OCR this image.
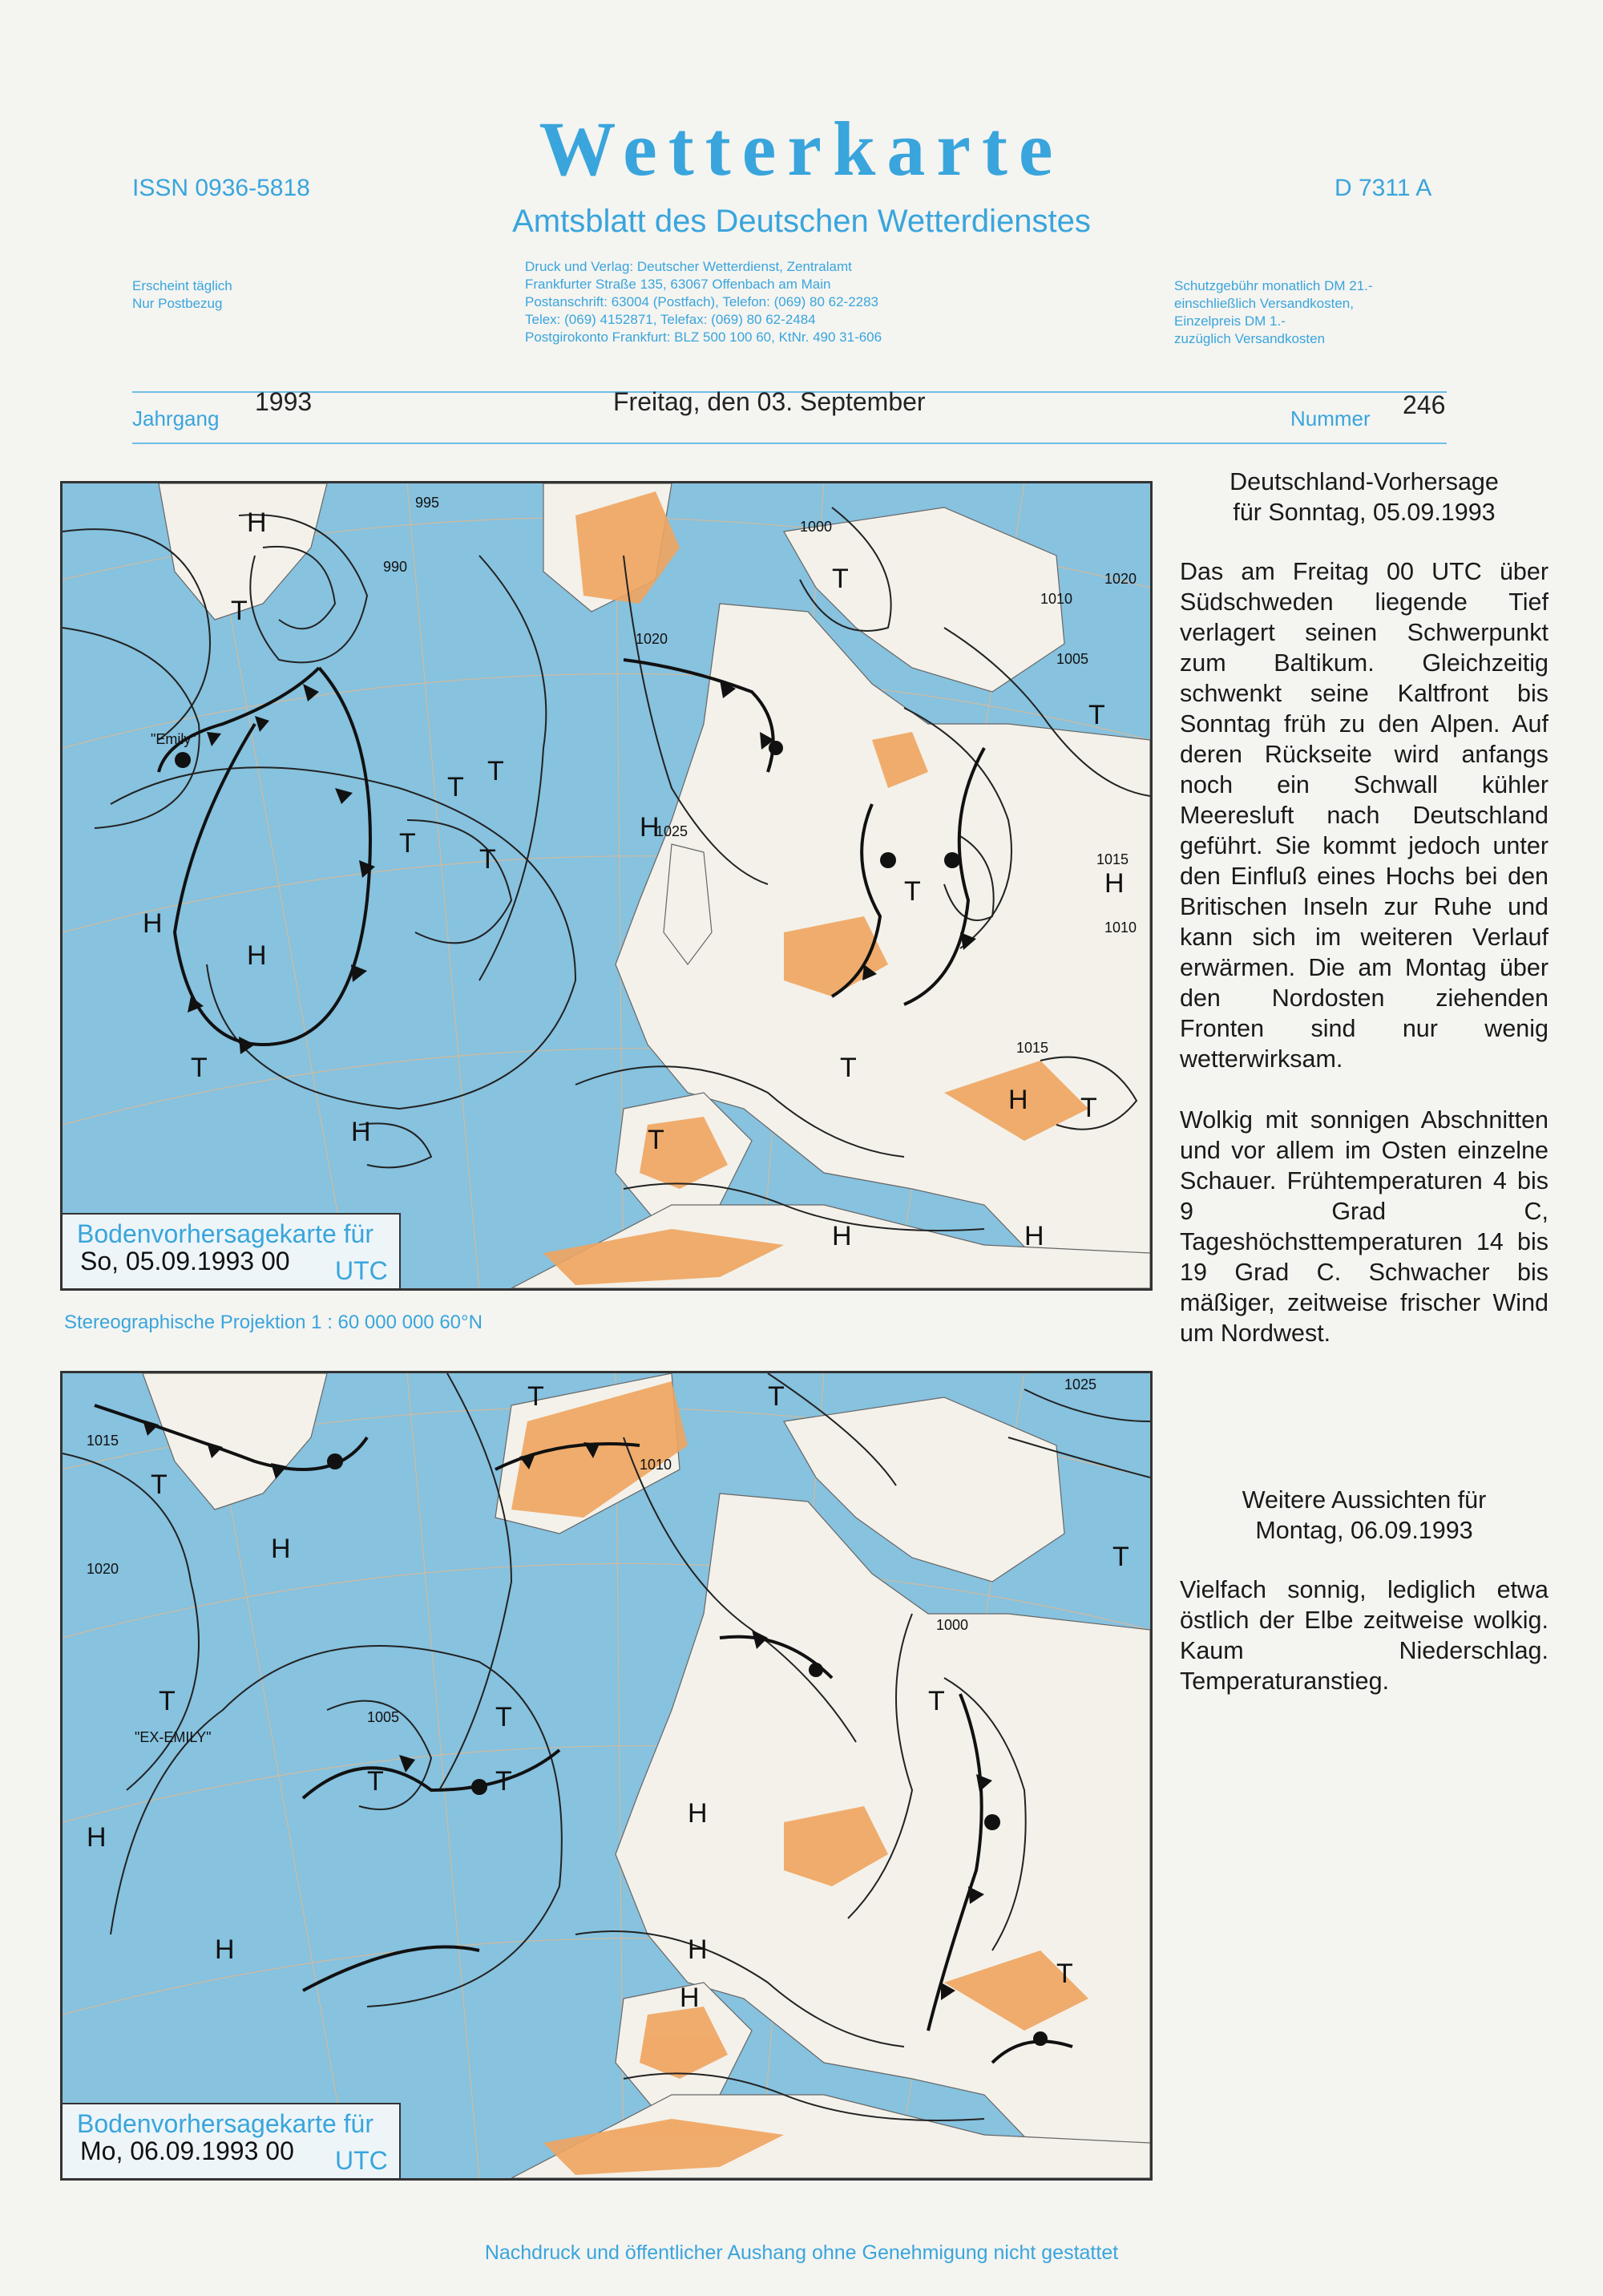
Wetterkarte
Amtsblatt des Deutschen Wetterdienstes
ISSN 0936-5818	D 7311 A
Erscheint täglich
Nur Postbezug
Druck und Verlag: Deutscher Wetterdienst, Zentralamt
Frankfurter Straße 135, 63067 Offenbach am Main
Postanschrift: 63004 (Postfach), Telefon: (069) 80 62-2283
Telex: (069) 4152871, Telefax: (069) 80 62-2484
Postgirokonto Frankfurt: BLZ 500 100 60, KtNr. 490 31-606
Schutzgebühr monatlich DM 21.-
einschließlich Versandkosten,
Einzelpreis DM 1.-
zuzüglich Versandkosten
Jahrgang
1993	Freitag, den 03. September
Nummer 246
H
H
H
H
H
H
H
H
H
T
T
T
T
T
T
T
T
T
T
T
T
"Emily"
995
990
1020
1025
1015
1010
1005
1000
1020
1015
1010
Bodenvorhersagekarte für
So, 05.09.1993 00 UTC
Stereographische Projektion 1 : 60 000 000 60°N
H
H
H
H
H
H
T
T
T
T
T
T	T
T
T
T
"EX-EMILY"
1005
1010
1015
1020
1025
1000
Bodenvorhersagekarte für
Mo, 06.09.1993 00 UTC
Deutschland-Vorhersage
für Sonntag, 05.09.1993

Das am Freitag 00 UTC über Südschweden liegende Tief verlagert seinen Schwerpunkt zum Baltikum. Gleichzeitig schwenkt seine Kaltfront bis Sonntag früh zu den Alpen. Auf deren Rückseite wird anfangs noch ein Schwall kühler Meeresluft nach Deutschland geführt. Sie kommt jedoch unter den Einfluß eines Hochs bei den Britischen Inseln zur Ruhe und kann sich im weiteren Verlauf erwärmen. Die am Montag über den Nordosten ziehenden Fronten sind nur wenig wetterwirksam.

Wolkig mit sonnigen Abschnitten und vor allem im Osten einzelne Schauer. Frühtemperaturen 4 bis 9 Grad C, Tageshöchsttemperaturen 14 bis 19 Grad C. Schwacher bis mäßiger, zeitweise frischer Wind um Nordwest.

Weitere Aussichten für
Montag, 06.09.1993

Vielfach sonnig, lediglich etwa östlich der Elbe zeitweise wolkig. Kaum Niederschlag. Temperaturanstieg.

Nachdruck und öffentlicher Aushang ohne Genehmigung nicht gestattet
